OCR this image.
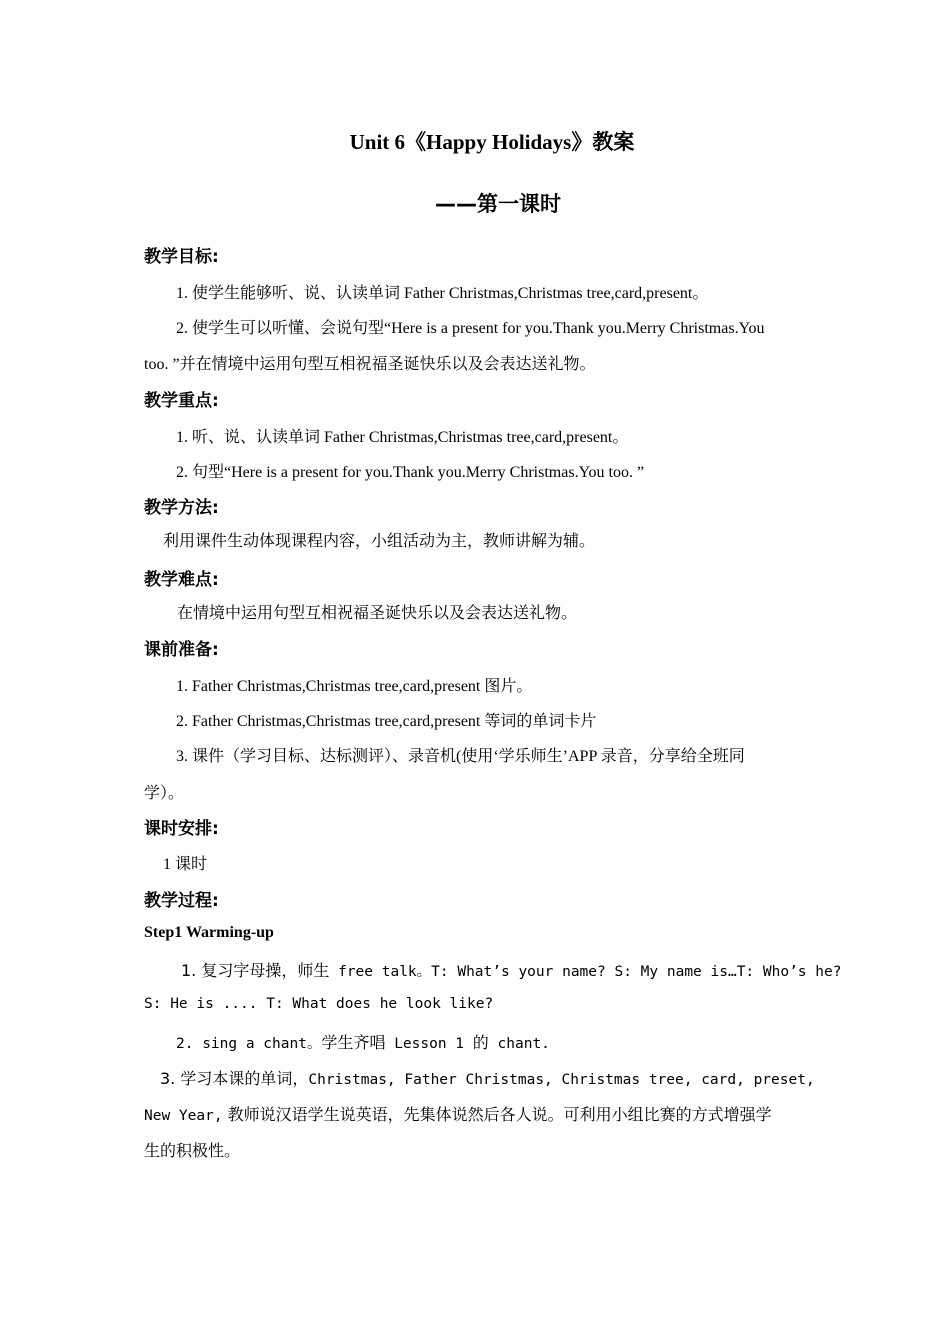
Unit 6《Happy Holidays》教案
——第一课时
教学目标:
1. 使学生能够听、说、认读单词 Father Christmas,Christmas tree,card,present。
2. 使学生可以听懂、会说句型“Here is a present for you.Thank you.Merry Christmas.You
too. ”并在情境中运用句型互相祝福圣诞快乐以及会表达送礼物。
教学重点:
1. 听、说、认读单词 Father Christmas,Christmas tree,card,present。
2. 句型“Here is a present for you.Thank you.Merry Christmas.You too. ”
教学方法:
利用课件生动体现课程内容，小组活动为主，教师讲解为辅。
教学难点:
在情境中运用句型互相祝福圣诞快乐以及会表达送礼物。
课前准备:
1. Father Christmas,Christmas tree,card,present 图片。
2. Father Christmas,Christmas tree,card,present 等词的单词卡片
3. 课件（学习目标、达标测评）、录音机(使用‘学乐师生’APP 录音，分享给全班同
学）。
课时安排:
1 课时
教学过程:
Step1 Warming-up
1. 复习字母操，师生 free talk。T: What’s your name? S: My name is…T: Who’s he?
S: He is .... T: What does he look like?
2. sing a chant。学生齐唱 Lesson 1 的 chant.
3. 学习本课的单词，Christmas, Father Christmas, Christmas tree, card, preset,
New Year, 教师说汉语学生说英语，先集体说然后各人说。可利用小组比赛的方式增强学
生的积极性。
